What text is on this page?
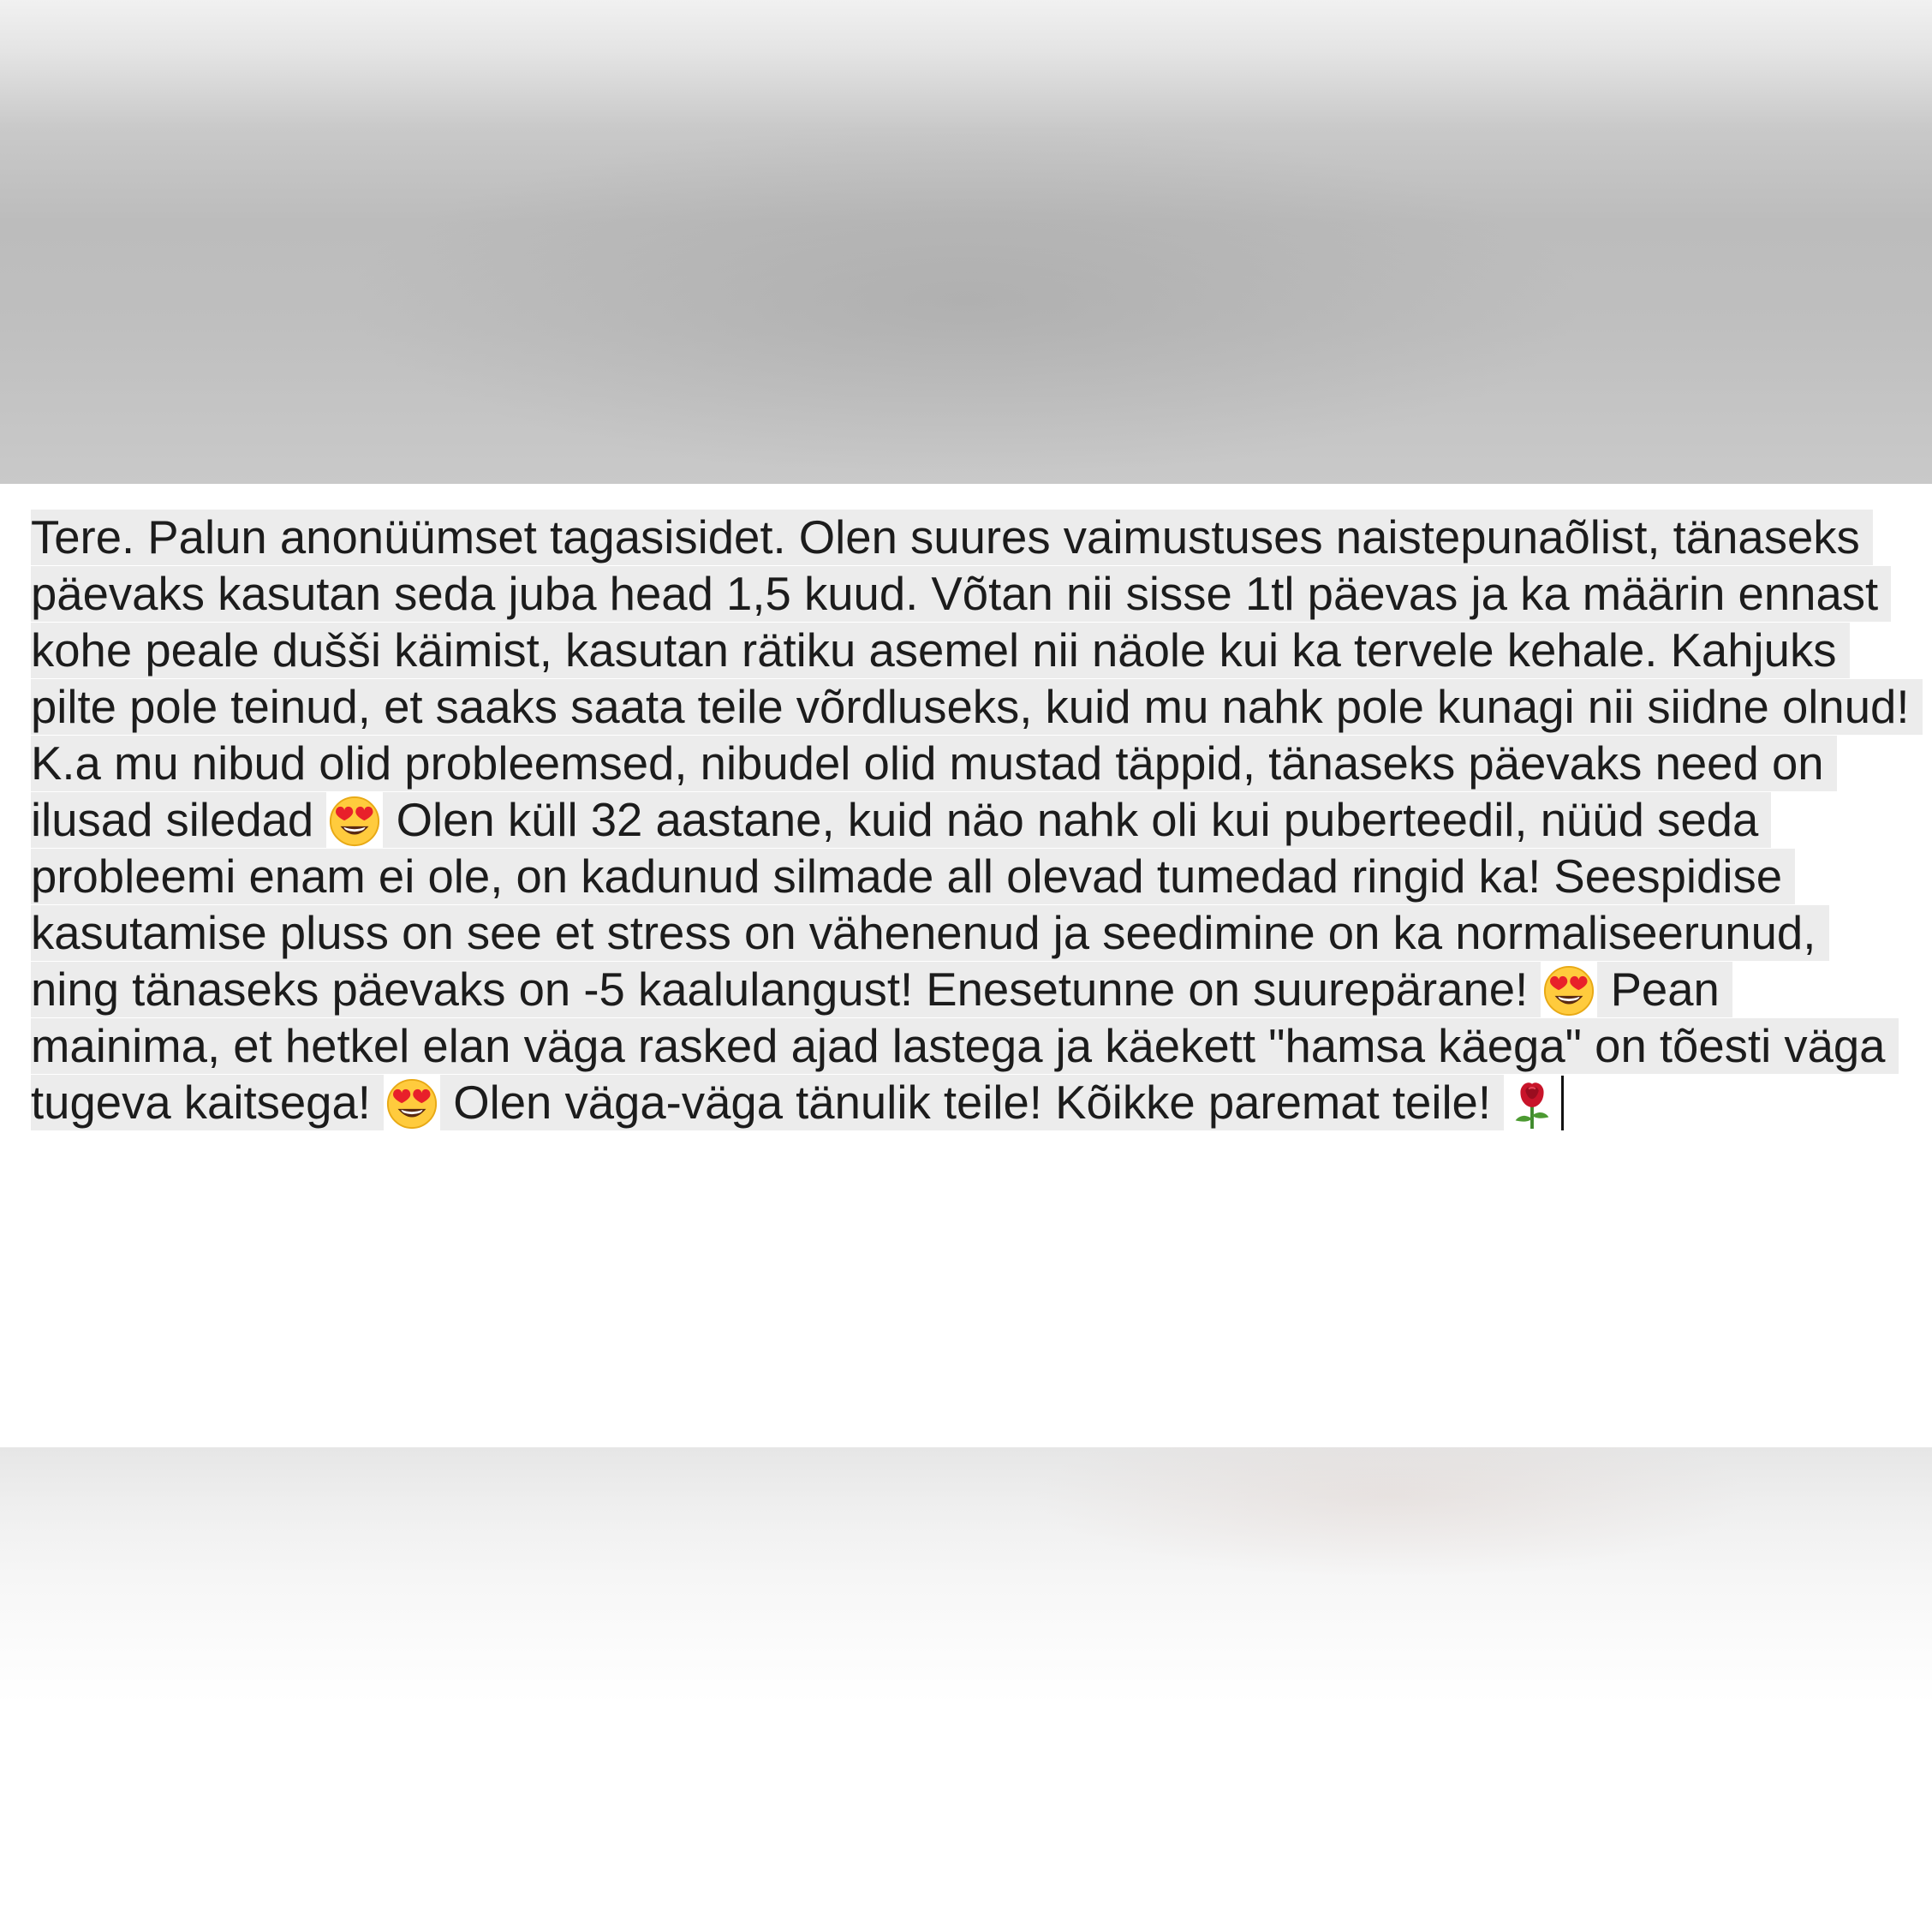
Tere. Palun anonüümset tagasisidet. Olen suures vaimustuses naistepunaõlist, tänaseks päevaks kasutan seda juba head 1,5 kuud. Võtan nii sisse 1tl päevas ja ka määrin ennast kohe peale dušši käimist, kasutan rätiku asemel nii näole kui ka tervele kehale. Kahjuks pilte pole teinud, et saaks saata teile võrdluseks, kuid mu nahk pole kunagi nii siidne olnud! K.a mu nibud olid probleemsed, nibudel olid mustad täppid, tänaseks päevaks need on ilusad siledad Olen küll 32 aastane, kuid näo nahk oli kui puberteedil, nüüd seda probleemi enam ei ole, on kadunud silmade all olevad tumedad ringid ka! Seespidise kasutamise pluss on see et stress on vähenenud ja seedimine on ka normaliseerunud, ning tänaseks päevaks on -5 kaalulangust! Enesetunne on suurepärane! Pean mainima, et hetkel elan väga rasked ajad lastega ja käekett "hamsa käega" on tõesti väga tugeva kaitsega! Olen väga-väga tänulik teile! Kõikke paremat teile!
